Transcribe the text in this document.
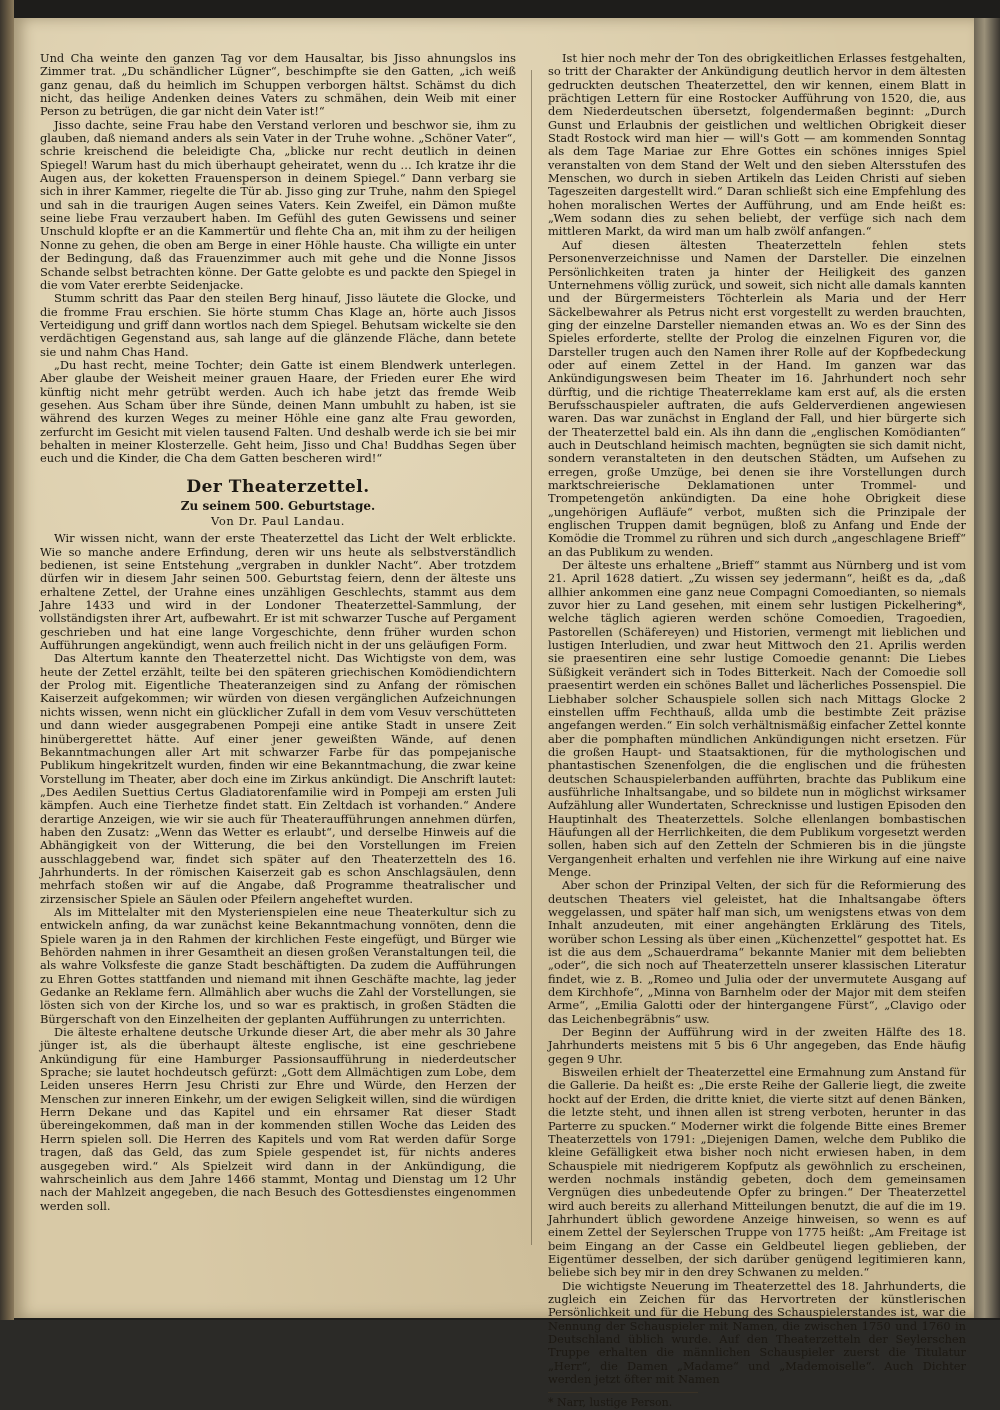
Und Cha weinte den ganzen Tag vor dem Hausaltar, bis Jisso ahnungslos ins Zimmer trat. „Du schändlicher Lügner“, beschimpfte sie den Gatten, „ich weiß ganz genau, daß du heimlich im Schuppen verborgen hältst. Schämst du dich nicht, das heilige Andenken deines Vaters zu schmähen, dein Weib mit einer Person zu betrügen, die gar nicht dein Vater ist!“

Jisso dachte, seine Frau habe den Verstand verloren und beschwor sie, ihm zu glauben, daß niemand anders als sein Vater in der Truhe wohne. „Schöner Vater“, schrie kreischend die beleidigte Cha, „blicke nur recht deutlich in deinen Spiegel! Warum hast du mich überhaupt geheiratet, wenn du … Ich kratze ihr die Augen aus, der koketten Frauensperson in deinem Spiegel.“ Dann verbarg sie sich in ihrer Kammer, riegelte die Tür ab. Jisso ging zur Truhe, nahm den Spiegel und sah in die traurigen Augen seines Vaters. Kein Zweifel, ein Dämon mußte seine liebe Frau verzaubert haben. Im Gefühl des guten Gewissens und seiner Unschuld klopfte er an die Kammertür und flehte Cha an, mit ihm zu der heiligen Nonne zu gehen, die oben am Berge in einer Höhle hauste. Cha willigte ein unter der Bedingung, daß das Frauenzimmer auch mit gehe und die Nonne Jissos Schande selbst betrachten könne. Der Gatte gelobte es und packte den Spiegel in die vom Vater ererbte Seidenjacke.

Stumm schritt das Paar den steilen Berg hinauf, Jisso läutete die Glocke, und die fromme Frau erschien. Sie hörte stumm Chas Klage an, hörte auch Jissos Verteidigung und griff dann wortlos nach dem Spiegel. Behutsam wickelte sie den verdächtigen Gegenstand aus, sah lange auf die glänzende Fläche, dann betete sie und nahm Chas Hand.

„Du hast recht, meine Tochter; dein Gatte ist einem Blendwerk unterlegen. Aber glaube der Weisheit meiner grauen Haare, der Frieden eurer Ehe wird künftig nicht mehr getrübt werden. Auch ich habe jetzt das fremde Weib gesehen. Aus Scham über ihre Sünde, deinen Mann umbuhlt zu haben, ist sie während des kurzen Weges zu meiner Höhle eine ganz alte Frau geworden, zerfurcht im Gesicht mit vielen tausend Falten. Und deshalb werde ich sie bei mir behalten in meiner Klosterzelle. Geht heim, Jisso und Cha! Buddhas Segen über euch und die Kinder, die Cha dem Gatten bescheren wird!“

Der Theaterzettel.
Zu seinem 500. Geburtstage.
Von Dr. Paul Landau.

Wir wissen nicht, wann der erste Theaterzettel das Licht der Welt erblickte. Wie so manche andere Erfindung, deren wir uns heute als selbstverständlich bedienen, ist seine Entstehung „vergraben in dunkler Nacht“. Aber trotzdem dürfen wir in diesem Jahr seinen 500. Geburtstag feiern, denn der älteste uns erhaltene Zettel, der Urahne eines unzähligen Geschlechts, stammt aus dem Jahre 1433 und wird in der Londoner Theaterzettel-Sammlung, der vollständigsten ihrer Art, aufbewahrt. Er ist mit schwarzer Tusche auf Pergament geschrieben und hat eine lange Vorgeschichte, denn früher wurden schon Aufführungen angekündigt, wenn auch freilich nicht in der uns geläufigen Form.

Das Altertum kannte den Theaterzettel nicht. Das Wichtigste von dem, was heute der Zettel erzählt, teilte bei den späteren griechischen Komödiendichtern der Prolog mit. Eigentliche Theateranzeigen sind zu Anfang der römischen Kaiserzeit aufgekommen; wir würden von diesen vergänglichen Aufzeichnungen nichts wissen, wenn nicht ein glücklicher Zufall in dem vom Vesuv verschütteten und dann wieder ausgegrabenen Pompeji eine antike Stadt in unsere Zeit hinübergerettet hätte. Auf einer jener geweißten Wände, auf denen Bekanntmachungen aller Art mit schwarzer Farbe für das pompejanische Publikum hingekritzelt wurden, finden wir eine Bekanntmachung, die zwar keine Vorstellung im Theater, aber doch eine im Zirkus ankündigt. Die Anschrift lautet: „Des Aedilen Suettius Certus Gladiatorenfamilie wird in Pompeji am ersten Juli kämpfen. Auch eine Tierhetze findet statt. Ein Zeltdach ist vorhanden.“ Andere derartige Anzeigen, wie wir sie auch für Theateraufführungen annehmen dürfen, haben den Zusatz: „Wenn das Wetter es erlaubt“, und derselbe Hinweis auf die Abhängigkeit von der Witterung, die bei den Vorstellungen im Freien ausschlaggebend war, findet sich später auf den Theaterzetteln des 16. Jahrhunderts. In der römischen Kaiserzeit gab es schon Anschlagsäulen, denn mehrfach stoßen wir auf die Angabe, daß Programme theatralischer und zirzensischer Spiele an Säulen oder Pfeilern angeheftet wurden.

Als im Mittelalter mit den Mysterienspielen eine neue Theaterkultur sich zu entwickeln anfing, da war zunächst keine Bekanntmachung vonnöten, denn die Spiele waren ja in den Rahmen der kirchlichen Feste eingefügt, und Bürger wie Behörden nahmen in ihrer Gesamtheit an diesen großen Veranstaltungen teil, die als wahre Volksfeste die ganze Stadt beschäftigten. Da zudem die Aufführungen zu Ehren Gottes stattfanden und niemand mit ihnen Geschäfte machte, lag jeder Gedanke an Reklame fern. Allmählich aber wuchs die Zahl der Vorstellungen, sie lösten sich von der Kirche los, und so war es praktisch, in großen Städten die Bürgerschaft von den Einzelheiten der geplanten Aufführungen zu unterrichten.

Die älteste erhaltene deutsche Urkunde dieser Art, die aber mehr als 30 Jahre jünger ist, als die überhaupt älteste englische, ist eine geschriebene Ankündigung für eine Hamburger Passionsaufführung in niederdeutscher Sprache; sie lautet hochdeutsch gefürzt: „Gott dem Allmächtigen zum Lobe, dem Leiden unseres Herrn Jesu Christi zur Ehre und Würde, den Herzen der Menschen zur inneren Einkehr, um der ewigen Seligkeit willen, sind die würdigen Herrn Dekane und das Kapitel und ein ehrsamer Rat dieser Stadt übereingekommen, daß man in der kommenden stillen Woche das Leiden des Herrn spielen soll. Die Herren des Kapitels und vom Rat werden dafür Sorge tragen, daß das Geld, das zum Spiele gespendet ist, für nichts anderes ausgegeben wird.“ Als Spielzeit wird dann in der Ankündigung, die wahrscheinlich aus dem Jahre 1466 stammt, Montag und Dienstag um 12 Uhr nach der Mahlzeit angegeben, die nach Besuch des Gottesdienstes eingenommen werden soll.

Ist hier noch mehr der Ton des obrigkeitlichen Erlasses festgehalten, so tritt der Charakter der Ankündigung deutlich hervor in dem ältesten gedruckten deutschen Theaterzettel, den wir kennen, einem Blatt in prächtigen Lettern für eine Rostocker Aufführung von 1520, die, aus dem Niederdeutschen übersetzt, folgendermaßen beginnt: „Durch Gunst und Erlaubnis der geistlichen und weltlichen Obrigkeit dieser Stadt Rostock wird man hier — will's Gott — am kommenden Sonntag als dem Tage Mariae zur Ehre Gottes ein schönes inniges Spiel veranstalten von dem Stand der Welt und den sieben Altersstufen des Menschen, wo durch in sieben Artikeln das Leiden Christi auf sieben Tageszeiten dargestellt wird.“ Daran schließt sich eine Empfehlung des hohen moralischen Wertes der Aufführung, und am Ende heißt es: „Wem sodann dies zu sehen beliebt, der verfüge sich nach dem mittleren Markt, da wird man um halb zwölf anfangen.“

Auf diesen ältesten Theaterzetteln fehlen stets Personenverzeichnisse und Namen der Darsteller. Die einzelnen Persönlichkeiten traten ja hinter der Heiligkeit des ganzen Unternehmens völlig zurück, und soweit, sich nicht alle damals kannten und der Bürgermeisters Töchterlein als Maria und der Herr Säckelbewahrer als Petrus nicht erst vorgestellt zu werden brauchten, ging der einzelne Darsteller niemanden etwas an. Wo es der Sinn des Spieles erforderte, stellte der Prolog die einzelnen Figuren vor, die Darsteller trugen auch den Namen ihrer Rolle auf der Kopfbedeckung oder auf einem Zettel in der Hand. Im ganzen war das Ankündigungswesen beim Theater im 16. Jahrhundert noch sehr dürftig, und die richtige Theaterreklame kam erst auf, als die ersten Berufsschauspieler auftraten, die aufs Gelderverdienen angewiesen waren. Das war zunächst in England der Fall, und hier bürgerte sich der Theaterzettel bald ein. Als ihn dann die „englischen Komödianten“ auch in Deutschland heimisch machten, begnügten sie sich damit nicht, sondern veranstalteten in den deutschen Städten, um Aufsehen zu erregen, große Umzüge, bei denen sie ihre Vorstellungen durch marktschreierische Deklamationen unter Trommel- und Trompetengetön ankündigten. Da eine hohe Obrigkeit diese „ungehörigen Aufläufe“ verbot, mußten sich die Prinzipale der englischen Truppen damit begnügen, bloß zu Anfang und Ende der Komödie die Trommel zu rühren und sich durch „angeschlagene Brieff“ an das Publikum zu wenden.

Der älteste uns erhaltene „Brieff“ stammt aus Nürnberg und ist vom 21. April 1628 datiert. „Zu wissen sey jedermann“, heißt es da, „daß allhier ankommen eine ganz neue Compagni Comoedianten, so niemals zuvor hier zu Land gesehen, mit einem sehr lustigen Pickelhering*, welche täglich agieren werden schöne Comoedien, Tragoedien, Pastorellen (Schäfereyen) und Historien, vermengt mit lieblichen und lustigen Interludien, und zwar heut Mittwoch den 21. Aprilis werden sie praesentiren eine sehr lustige Comoedie genannt: Die Liebes Süßigkeit verändert sich in Todes Bitterkeit. Nach der Comoedie soll praesentirt werden ein schönes Ballet und lächerliches Possenspiel. Die Liebhaber solcher Schauspiele sollen sich nach Mittags Glocke 2 einstellen uffm Fechthauß, allda umb die bestimbte Zeit präzise angefangen werden.“ Ein solch verhältnismäßig einfacher Zettel konnte aber die pomphaften mündlichen Ankündigungen nicht ersetzen. Für die großen Haupt- und Staatsaktionen, für die mythologischen und phantastischen Szenenfolgen, die die englischen und die frühesten deutschen Schauspielerbanden aufführten, brachte das Publikum eine ausführliche Inhaltsangabe, und so bildete nun in möglichst wirksamer Aufzählung aller Wundertaten, Schrecknisse und lustigen Episoden den Hauptinhalt des Theaterzettels. Solche ellenlangen bombastischen Häufungen all der Herrlichkeiten, die dem Publikum vorgesetzt werden sollen, haben sich auf den Zetteln der Schmieren bis in die jüngste Vergangenheit erhalten und verfehlen nie ihre Wirkung auf eine naive Menge.

Aber schon der Prinzipal Velten, der sich für die Reformierung des deutschen Theaters viel geleistet, hat die Inhaltsangabe öfters weggelassen, und später half man sich, um wenigstens etwas von dem Inhalt anzudeuten, mit einer angehängten Erklärung des Titels, worüber schon Lessing als über einen „Küchenzettel“ gespottet hat. Es ist die aus dem „Schauerdrama“ bekannte Manier mit dem beliebten „oder“, die sich noch auf Theaterzetteln unserer klassischen Literatur findet, wie z. B. „Romeo und Julia oder der unvermutete Ausgang auf dem Kirchhofe“, „Minna von Barnhelm oder der Major mit dem steifen Arme“, „Emilia Galotti oder der hintergangene Fürst“, „Clavigo oder das Leichenbegräbnis“ usw.

Der Beginn der Aufführung wird in der zweiten Hälfte des 18. Jahrhunderts meistens mit 5 bis 6 Uhr angegeben, das Ende häufig gegen 9 Uhr.

Bisweilen erhielt der Theaterzettel eine Ermahnung zum Anstand für die Gallerie. Da heißt es: „Die erste Reihe der Gallerie liegt, die zweite hockt auf der Erden, die dritte kniet, die vierte sitzt auf denen Bänken, die letzte steht, und ihnen allen ist streng verboten, herunter in das Parterre zu spucken.“ Moderner wirkt die folgende Bitte eines Bremer Theaterzettels von 1791: „Diejenigen Damen, welche dem Publiko die kleine Gefälligkeit etwa bisher noch nicht erwiesen haben, in dem Schauspiele mit niedrigerem Kopfputz als gewöhnlich zu erscheinen, werden nochmals inständig gebeten, doch dem gemeinsamen Vergnügen dies unbedeutende Opfer zu bringen.“ Der Theaterzettel wird auch bereits zu allerhand Mitteilungen benutzt, die auf die im 19. Jahrhundert üblich gewordene Anzeige hinweisen, so wenn es auf einem Zettel der Seylerschen Truppe von 1775 heißt: „Am Freitage ist beim Eingang an der Casse ein Geldbeutel liegen geblieben, der Eigentümer desselben, der sich darüber genügend legitimieren kann, beliebe sich bey mir in den drey Schwanen zu melden.“

Die wichtigste Neuerung im Theaterzettel des 18. Jahrhunderts, die zugleich ein Zeichen für das Hervortreten der künstlerischen Persönlichkeit und für die Hebung des Schauspielerstandes ist, war die Nennung der Schauspieler mit Namen, die zwischen 1750 und 1760 in Deutschland üblich wurde. Auf den Theaterzetteln der Seylerschen Truppe erhalten die männlichen Schauspieler zuerst die Titulatur „Herr“, die Damen „Madame“ und „Mademoiselle“. Auch Dichter werden jetzt öfter mit Namen

* Narr, lustige Person.
